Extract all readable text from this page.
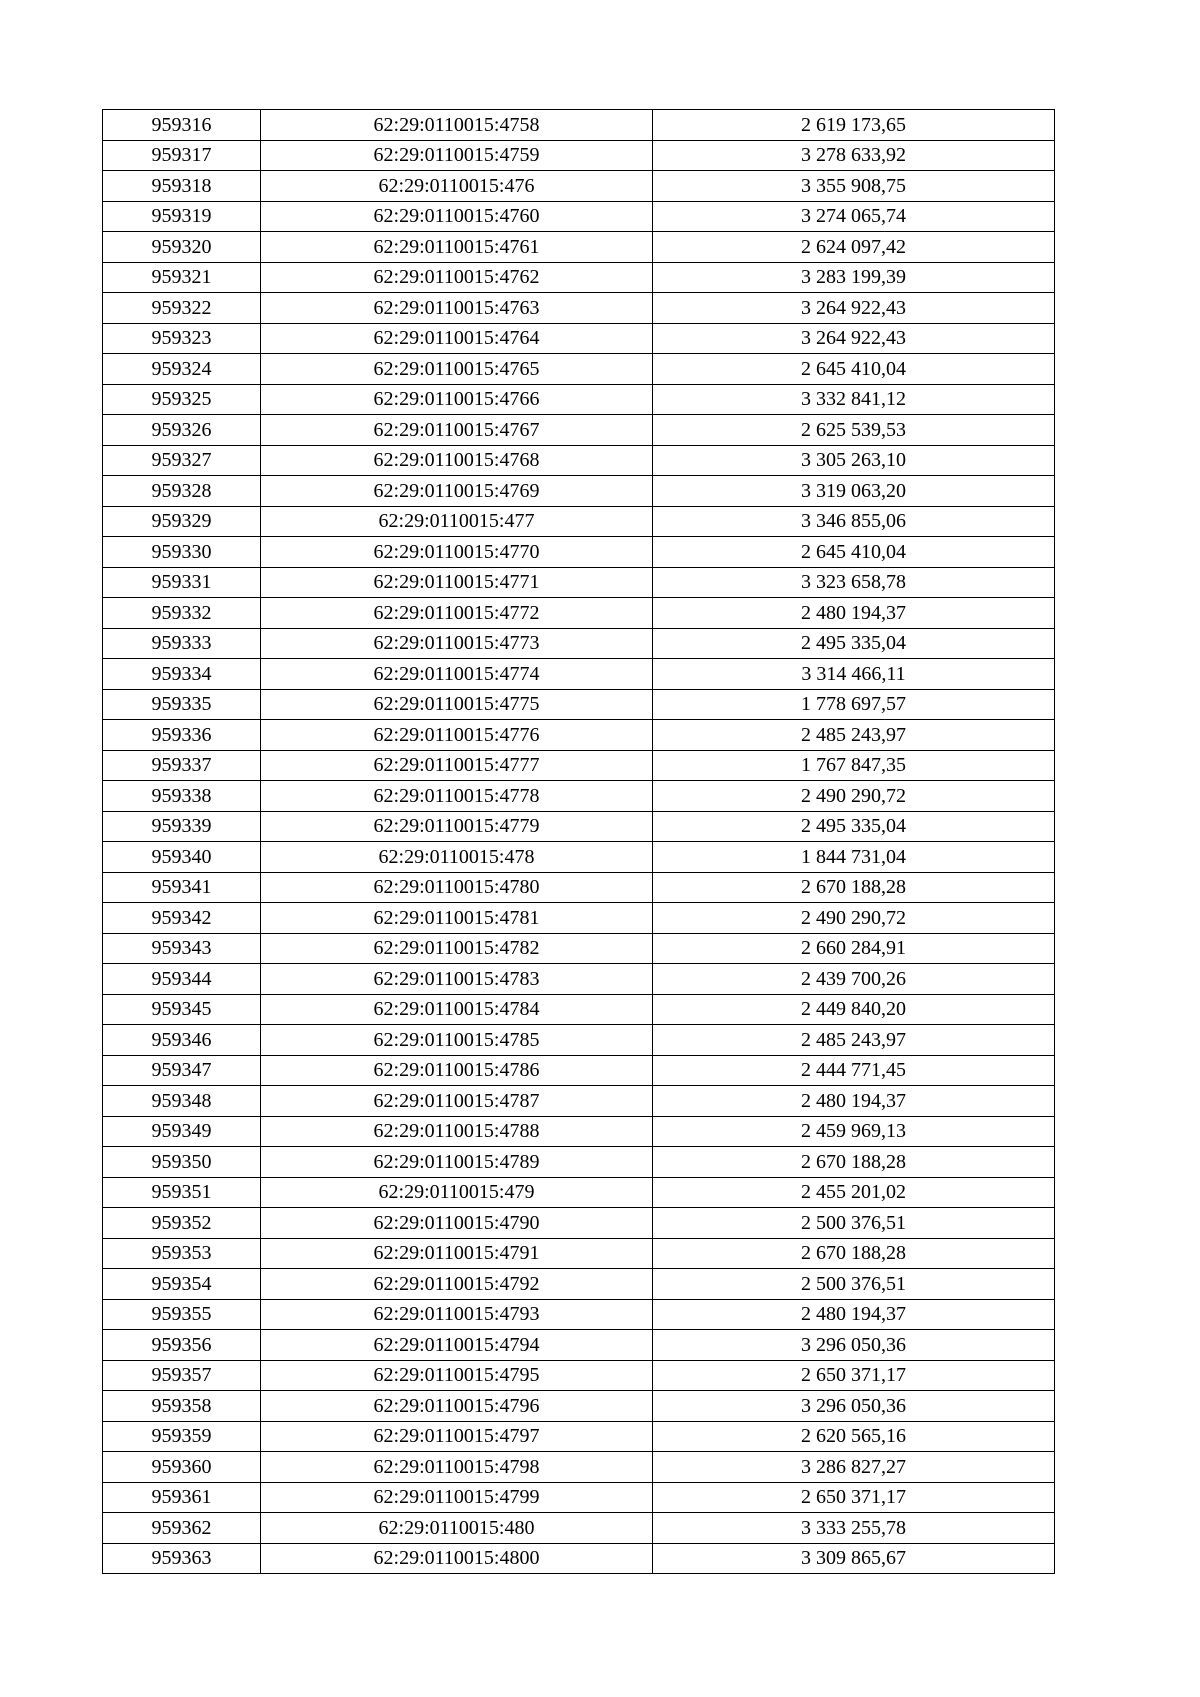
959316	62:29:0110015:4758	2 619 173,65
959317	62:29:0110015:4759	3 278 633,92
959318	62:29:0110015:476	3 355 908,75
959319	62:29:0110015:4760	3 274 065,74
959320	62:29:0110015:4761	2 624 097,42
959321	62:29:0110015:4762	3 283 199,39
959322	62:29:0110015:4763	3 264 922,43
959323	62:29:0110015:4764	3 264 922,43
959324	62:29:0110015:4765	2 645 410,04
959325	62:29:0110015:4766	3 332 841,12
959326	62:29:0110015:4767	2 625 539,53
959327	62:29:0110015:4768	3 305 263,10
959328	62:29:0110015:4769	3 319 063,20
959329	62:29:0110015:477	3 346 855,06
959330	62:29:0110015:4770	2 645 410,04
959331	62:29:0110015:4771	3 323 658,78
959332	62:29:0110015:4772	2 480 194,37
959333	62:29:0110015:4773	2 495 335,04
959334	62:29:0110015:4774	3 314 466,11
959335	62:29:0110015:4775	1 778 697,57
959336	62:29:0110015:4776	2 485 243,97
959337	62:29:0110015:4777	1 767 847,35
959338	62:29:0110015:4778	2 490 290,72
959339	62:29:0110015:4779	2 495 335,04
959340	62:29:0110015:478	1 844 731,04
959341	62:29:0110015:4780	2 670 188,28
959342	62:29:0110015:4781	2 490 290,72
959343	62:29:0110015:4782	2 660 284,91
959344	62:29:0110015:4783	2 439 700,26
959345	62:29:0110015:4784	2 449 840,20
959346	62:29:0110015:4785	2 485 243,97
959347	62:29:0110015:4786	2 444 771,45
959348	62:29:0110015:4787	2 480 194,37
959349	62:29:0110015:4788	2 459 969,13
959350	62:29:0110015:4789	2 670 188,28
959351	62:29:0110015:479	2 455 201,02
959352	62:29:0110015:4790	2 500 376,51
959353	62:29:0110015:4791	2 670 188,28
959354	62:29:0110015:4792	2 500 376,51
959355	62:29:0110015:4793	2 480 194,37
959356	62:29:0110015:4794	3 296 050,36
959357	62:29:0110015:4795	2 650 371,17
959358	62:29:0110015:4796	3 296 050,36
959359	62:29:0110015:4797	2 620 565,16
959360	62:29:0110015:4798	3 286 827,27
959361	62:29:0110015:4799	2 650 371,17
959362	62:29:0110015:480	3 333 255,78
959363	62:29:0110015:4800	3 309 865,67
